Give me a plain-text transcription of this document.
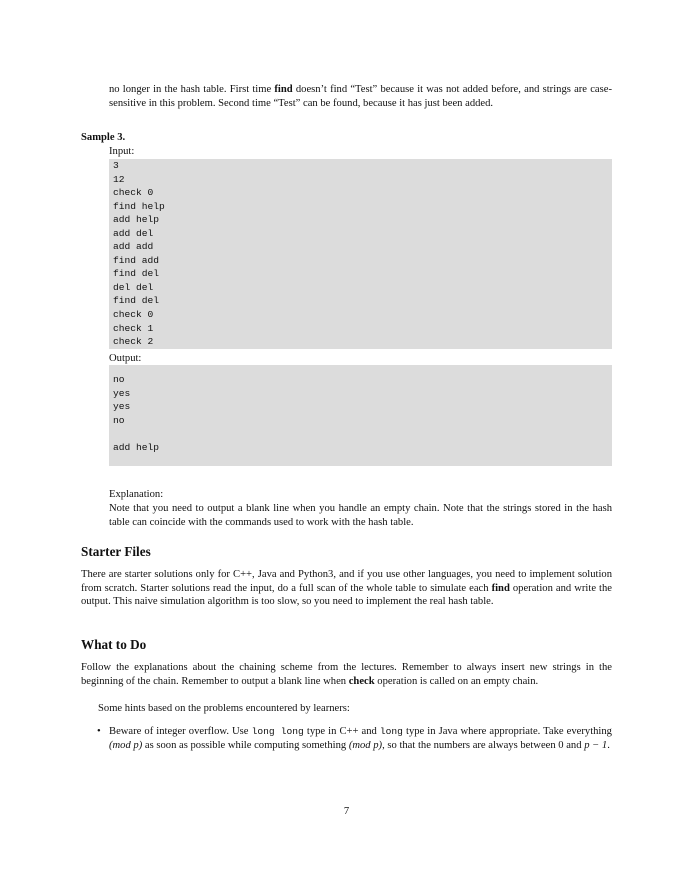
no longer in the hash table. First time find doesn’t find “Test” because it was not added before, and strings are case-sensitive in this problem. Second time “Test” can be found, because it has just been added.

Sample 3.
Input:
3
12
check 0
find help
add help
add del
add add
find add
find del
del del
find del
check 0
check 1
check 2
Output:
no
yes
yes
no
add help
Explanation:

Note that you need to output a blank line when you handle an empty chain. Note that the strings stored in the hash table can coincide with the commands used to work with the hash table.

Starter Files

There are starter solutions only for C++, Java and Python3, and if you use other languages, you need to implement solution from scratch. Starter solutions read the input, do a full scan of the whole table to simulate each find operation and write the output. This naive simulation algorithm is too slow, so you need to implement the real hash table.

What to Do

Follow the explanations about the chaining scheme from the lectures. Remember to always insert new strings in the beginning of the chain. Remember to output a blank line when check operation is called on an empty chain.

Some hints based on the problems encountered by learners:
• Beware of integer overflow. Use long long type in C++ and long type in Java where appropriate. Take everything (mod p) as soon as possible while computing something (mod p), so that the numbers are always between 0 and p − 1.
7
